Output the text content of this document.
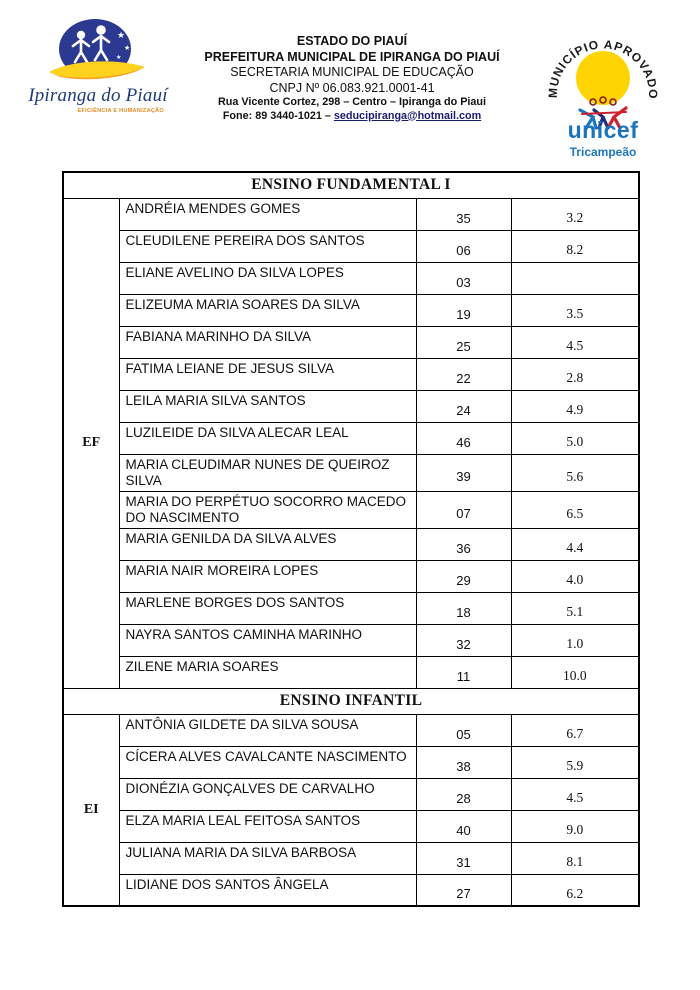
★
★
★
★
Ipiranga do Piauí
EFICIÊNCIA E HUMANIZAÇÃO
ESTADO DO PIAUÍ
PREFEITURA MUNICIPAL DE IPIRANGA DO PIAUÍ
SECRETARIA MUNICIPAL DE EDUCAÇÃO
CNPJ Nº 06.083.921.0001-41
Rua Vicente Cortez, 298 – Centro – Ipiranga do Piaui
Fone: 89 3440-1021 – seducipiranga@hotmail.com
MUNICÍPIO APROVADO
unicef
Tricampeão
ENSINO FUNDAMENTAL I			
EF	ANDRÉIA MENDES GOMES	35	3.2
	CLEUDILENE PEREIRA DOS SANTOS	06	8.2
	ELIANE AVELINO DA SILVA LOPES	03	
	ELIZEUMA MARIA SOARES DA SILVA	19	3.5
	FABIANA MARINHO DA SILVA	25	4.5
	FATIMA LEIANE DE JESUS SILVA	22	2.8
	LEILA MARIA SILVA SANTOS	24	4.9
	LUZILEIDE DA SILVA ALECAR LEAL	46	5.0
	MARIA CLEUDIMAR NUNES DE QUEIROZ SILVA	39	5.6
	MARIA DO PERPÉTUO SOCORRO MACEDO DO NASCIMENTO	07	6.5
	MARIA GENILDA DA SILVA ALVES	36	4.4
	MARIA NAIR MOREIRA LOPES	29	4.0
	MARLENE BORGES DOS SANTOS	18	5.1
	NAYRA SANTOS CAMINHA MARINHO	32	1.0
	ZILENE MARIA SOARES	11	10.0
ENSINO INFANTIL			
EI	ANTÔNIA GILDETE DA SILVA SOUSA	05	6.7
	CÍCERA ALVES CAVALCANTE NASCIMENTO	38	5.9
	DIONÉZIA GONÇALVES DE CARVALHO	28	4.5
	ELZA MARIA LEAL FEITOSA SANTOS	40	9.0
	JULIANA MARIA DA SILVA BARBOSA	31	8.1
	LIDIANE DOS SANTOS ÂNGELA	27	6.2
